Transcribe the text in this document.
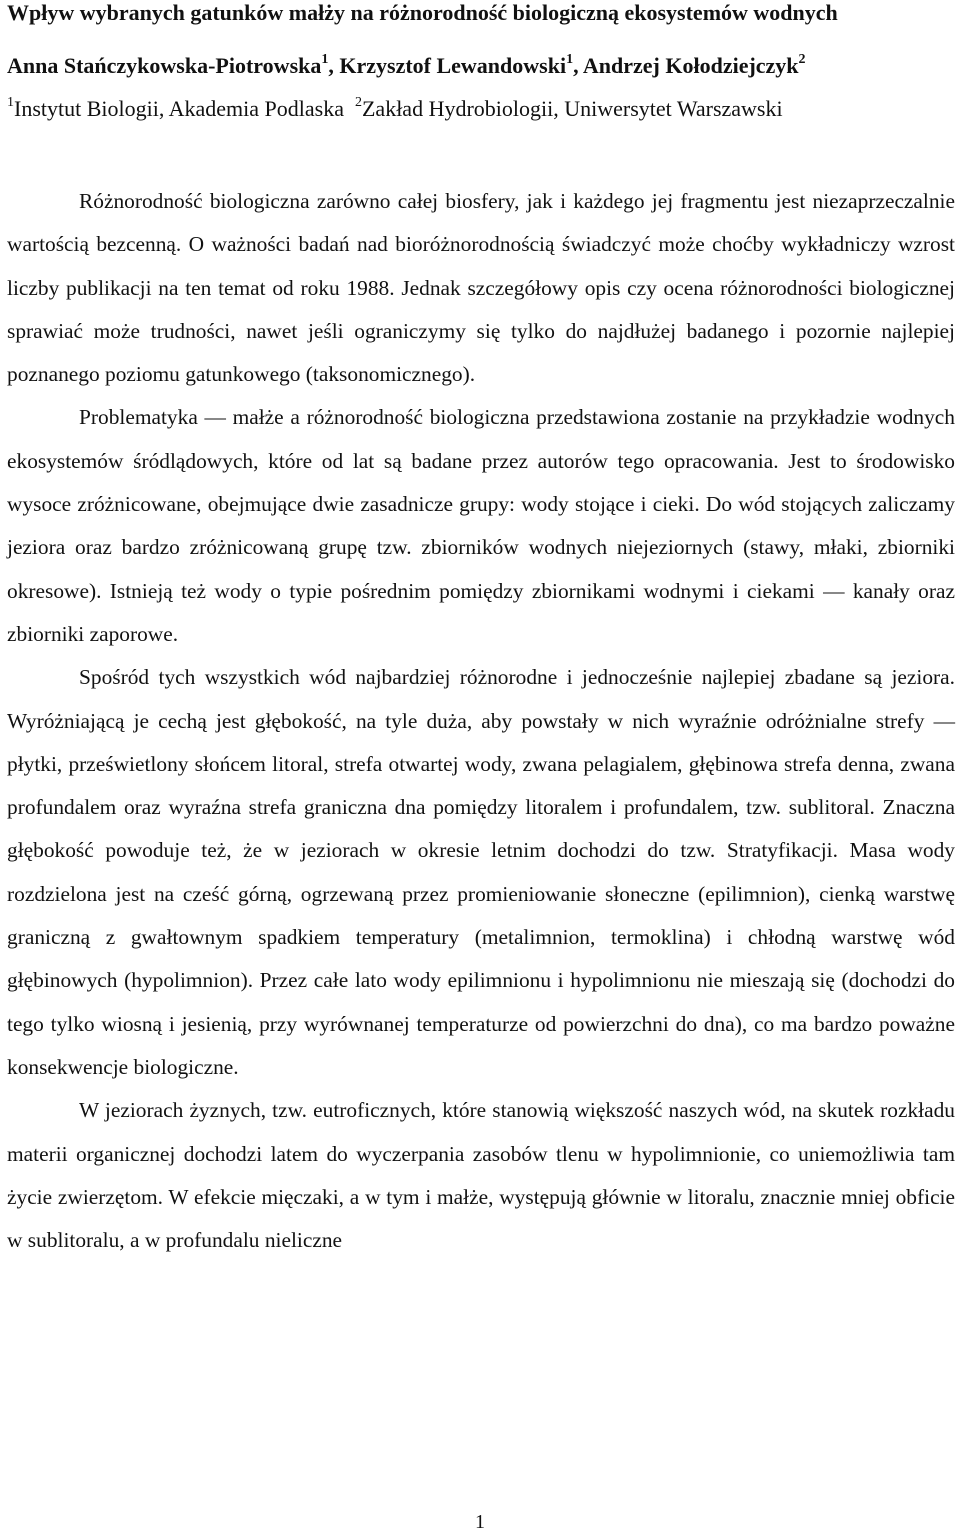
Wpływ wybranych gatunków małży na różnorodność biologiczną ekosystemów wodnych
Anna Stańczykowska-Piotrowska$^1$, Krzysztof Lewandowski$^1$, Andrzej Kołodziejczyk$^2$
$^1$Instytut Biologii, Akademia Podlaska $^2$Zakład Hydrobiologii, Uniwersytet Warszawski

Różnorodność biologiczna zarówno całej biosfery, jak i każdego jej fragmentu jest niezaprzeczalnie wartością bezcenną. O ważności badań nad bioróżnorodnością świadczyć może choćby wykładniczy wzrost liczby publikacji na ten temat od roku 1988. Jednak szczegółowy opis czy ocena różnorodności biologicznej sprawiać może trudności, nawet jeśli ograniczymy się tylko do najdłużej badanego i pozornie najlepiej poznanego poziomu gatunkowego (taksonomicznego).

Problematyka — małże a różnorodność biologiczna przedstawiona zostanie na przykładzie wodnych ekosystemów śródlądowych, które od lat są badane przez autorów tego opracowania. Jest to środowisko wysoce zróżnicowane, obejmujące dwie zasadnicze grupy: wody stojące i cieki. Do wód stojących zaliczamy jeziora oraz bardzo zróżnicowaną grupę tzw. zbiorników wodnych niejeziornych (stawy, młaki, zbiorniki okresowe). Istnieją też wody o typie pośrednim pomiędzy zbiornikami wodnymi i ciekami — kanały oraz zbiorniki zaporowe.

Spośród tych wszystkich wód najbardziej różnorodne i jednocześnie najlepiej zbadane są jeziora. Wyróżniającą je cechą jest głębokość, na tyle duża, aby powstały w nich wyraźnie odróżnialne strefy — płytki, prześwietlony słońcem litoral, strefa otwartej wody, zwana pelagialem, głębinowa strefa denna, zwana profundalem oraz wyraźna strefa graniczna dna pomiędzy litoralem i profundalem, tzw. sublitoral. Znaczna głębokość powoduje też, że w jeziorach w okresie letnim dochodzi do tzw. Stratyfikacji. Masa wody rozdzielona jest na cześć górną, ogrzewaną przez promieniowanie słoneczne (epilimnion), cienką warstwę graniczną z gwałtownym spadkiem temperatury (metalimnion, termoklina) i chłodną warstwę wód głębinowych (hypolimnion). Przez całe lato wody epilimnionu i hypolimnionu nie mieszają się (dochodzi do tego tylko wiosną i jesienią, przy wyrównanej temperaturze od powierzchni do dna), co ma bardzo poważne konsekwencje biologiczne.

W jeziorach żyznych, tzw. eutroficznych, które stanowią większość naszych wód, na skutek rozkładu materii organicznej dochodzi latem do wyczerpania zasobów tlenu w hypolimnionie, co uniemożliwia tam życie zwierzętom. W efekcie mięczaki, a w tym i małże, występują głównie w litoralu, znacznie mniej obficie w sublitoralu, a w profundalu nieliczne

1
